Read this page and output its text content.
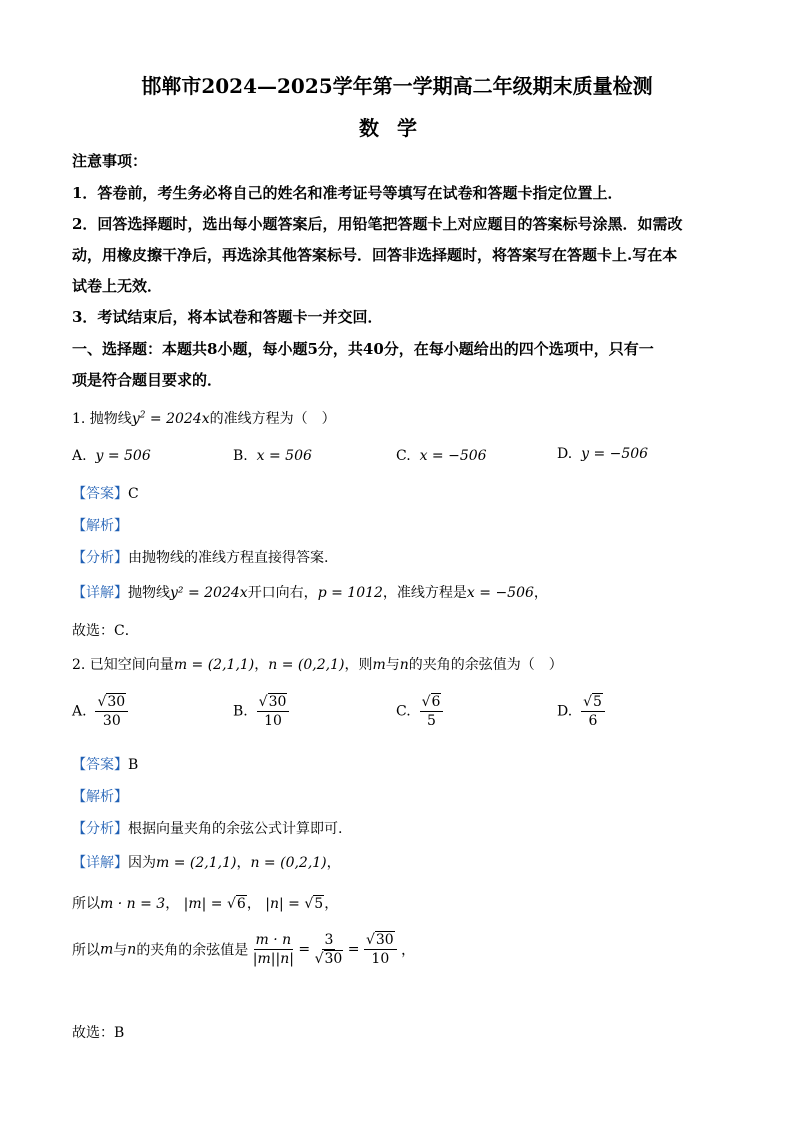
邯郸市2024—2025学年第一学期高二年级期末质量检测
数学
注意事项：
1．答卷前，考生务必将自己的姓名和准考证号等填写在试卷和答题卡指定位置上．
2．回答选择题时，选出每小题答案后，用铅笔把答题卡上对应题目的答案标号涂黑．如需改
动，用橡皮擦干净后，再选涂其他答案标号．回答非选择题时，将答案写在答题卡上.写在本
试卷上无效．
3．考试结束后，将本试卷和答题卡一并交回．
一、选择题：本题共8小题，每小题5分，共40分，在每小题给出的四个选项中，只有一
项是符合题目要求的．
1. 抛物线$y^2 = 2024x$的准线方程为（　）
A. y = 506	B. x = 506	C. x = −506	D. y = −506
【答案】C
【解析】
【分析】由抛物线的准线方程直接得答案.
【详解】抛物线y² = 2024x开口向右，p = 1012，准线方程是x = −506，
故选：C．
2. 已知空间向量m = (2,1,1)，n = (0,2,1)，则m与n的夹角的余弦值为（　）
A. $\frac{√30}{30}$	B. $\frac{√30}{10}$	C. $\frac{√6}{5}$	D. $\frac{√5}{6}$
【答案】B
【解析】
【分析】根据向量夹角的余弦公式计算即可.
【详解】因为m = (2,1,1)，n = (0,2,1)，
所以m · n = 3， |m| = √6， |n| = √5，
所以m与n的夹角的余弦值是 $\frac{m \cdot n}{|m||n|} = \frac{3}{√30} = \frac{√30}{10}$ ，
故选：B
